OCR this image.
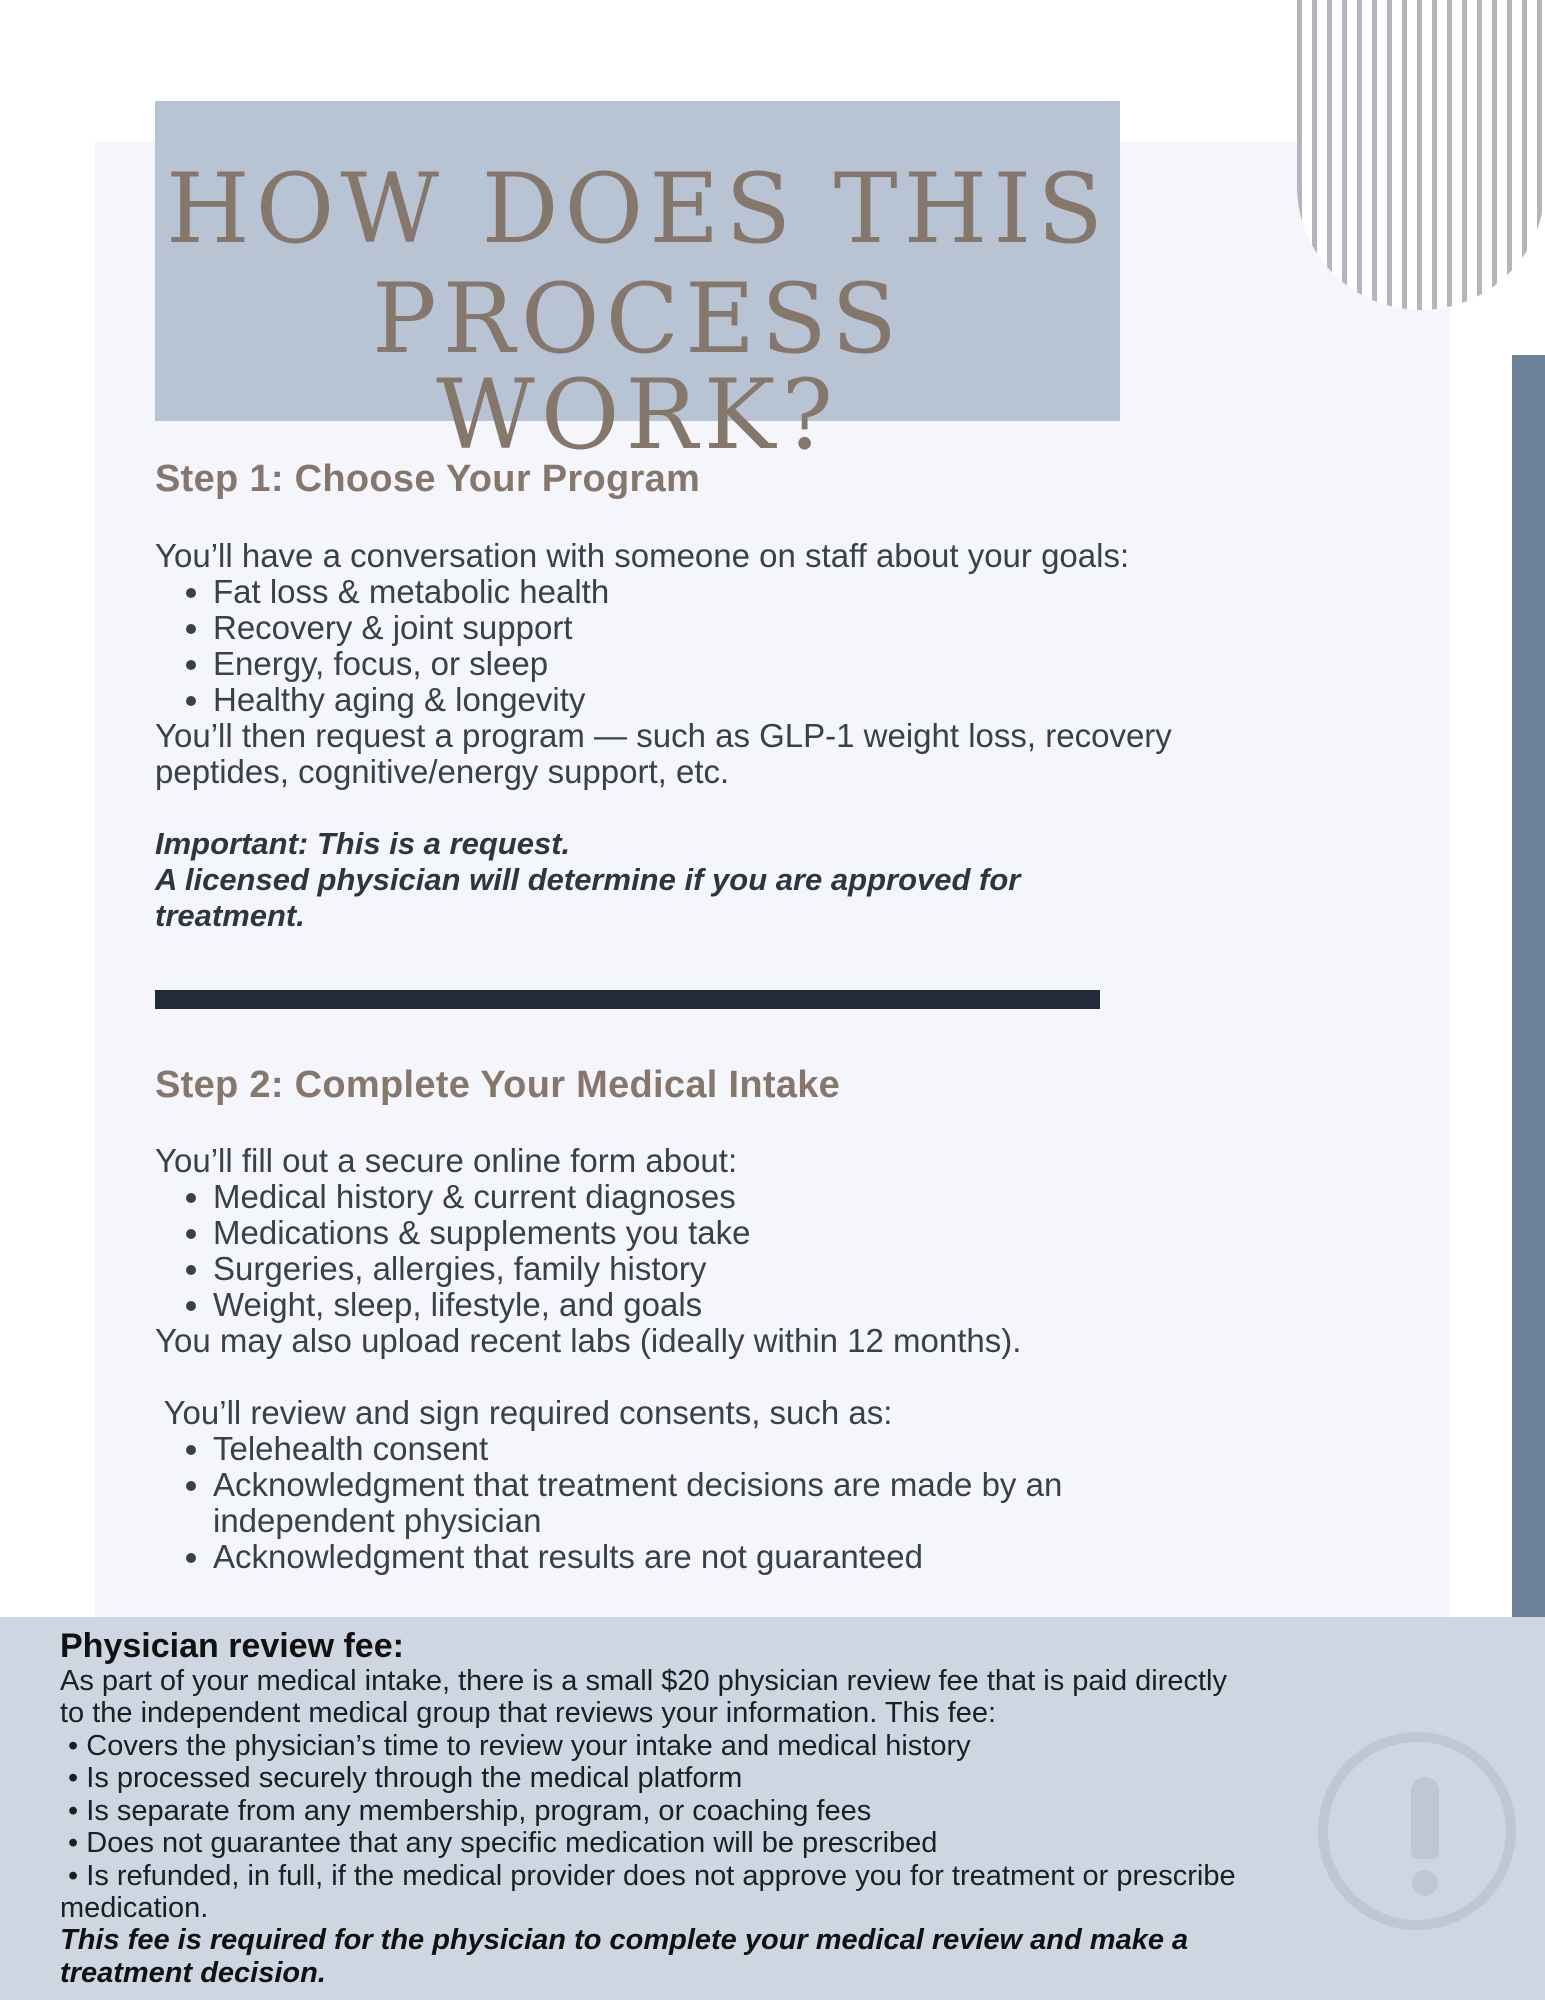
HOW DOES THIS
PROCESS WORK?
Step 1: Choose Your Program

You’ll have a conversation with someone on staff about your goals:

• Fat loss & metabolic health
• Recovery & joint support
• Energy, focus, or sleep
• Healthy aging & longevity

You’ll then request a program — such as GLP-1 weight loss, recovery

peptides, cognitive/energy support, etc.

Important: This is a request.

A licensed physician will determine if you are approved for

treatment.

Step 2: Complete Your Medical Intake

You’ll fill out a secure online form about:

• Medical history & current diagnoses
• Medications & supplements you take
• Surgeries, allergies, family history
• Weight, sleep, lifestyle, and goals

You may also upload recent labs (ideally within 12 months).

You’ll review and sign required consents, such as:

• Telehealth consent
• Acknowledgment that treatment decisions are made by an
independent physician
• Acknowledgment that results are not guaranteed
Physician review fee:

As part of your medical intake, there is a small $20 physician review fee that is paid directly

to the independent medical group that reviews your information. This fee:

• Covers the physician’s time to review your intake and medical history

• Is processed securely through the medical platform

• Is separate from any membership, program, or coaching fees

• Does not guarantee that any specific medication will be prescribed

• Is refunded, in full, if the medical provider does not approve you for treatment or prescribe

medication.

This fee is required for the physician to complete your medical review and make a

treatment decision.
